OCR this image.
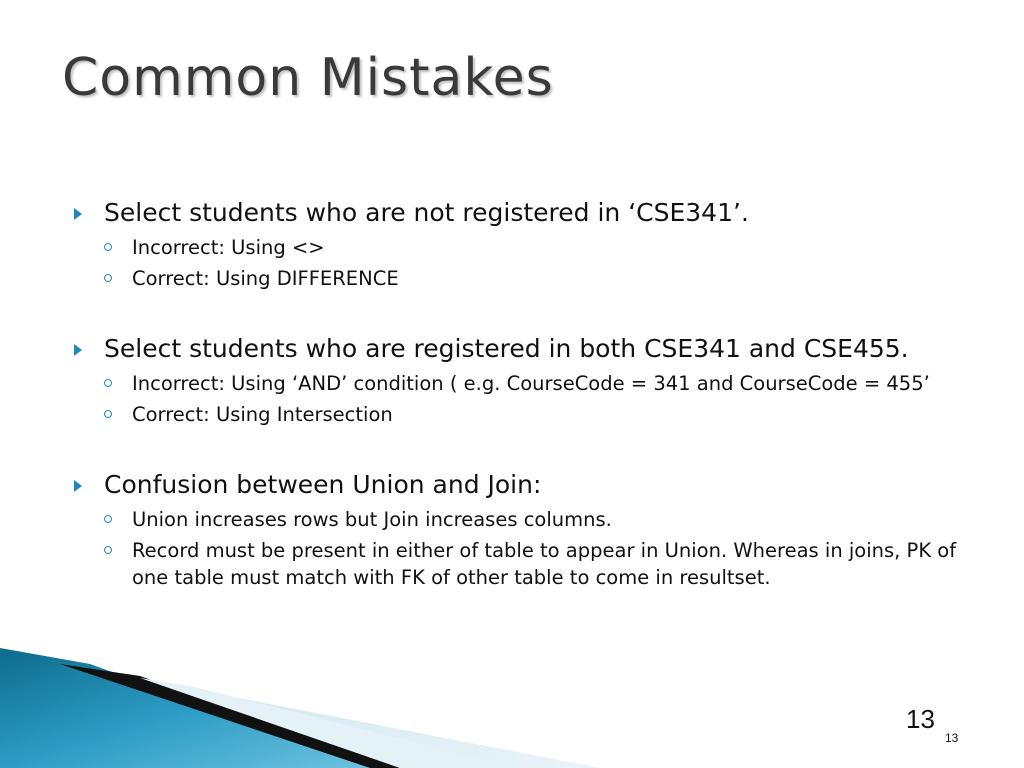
Common Mistakes
Select students who are not registered in ‘CSE341’.
Incorrect: Using <>
Correct: Using DIFFERENCE
Select students who are registered in both CSE341 and CSE455.
Incorrect: Using ‘AND’ condition ( e.g. CourseCode = 341 and CourseCode = 455’
Correct: Using Intersection
Confusion between Union and Join:
Union increases rows but Join increases columns.
Record must be present in either of table to appear in Union. Whereas in joins, PK of one table must match with FK of other table to come in resultset.
13
13
